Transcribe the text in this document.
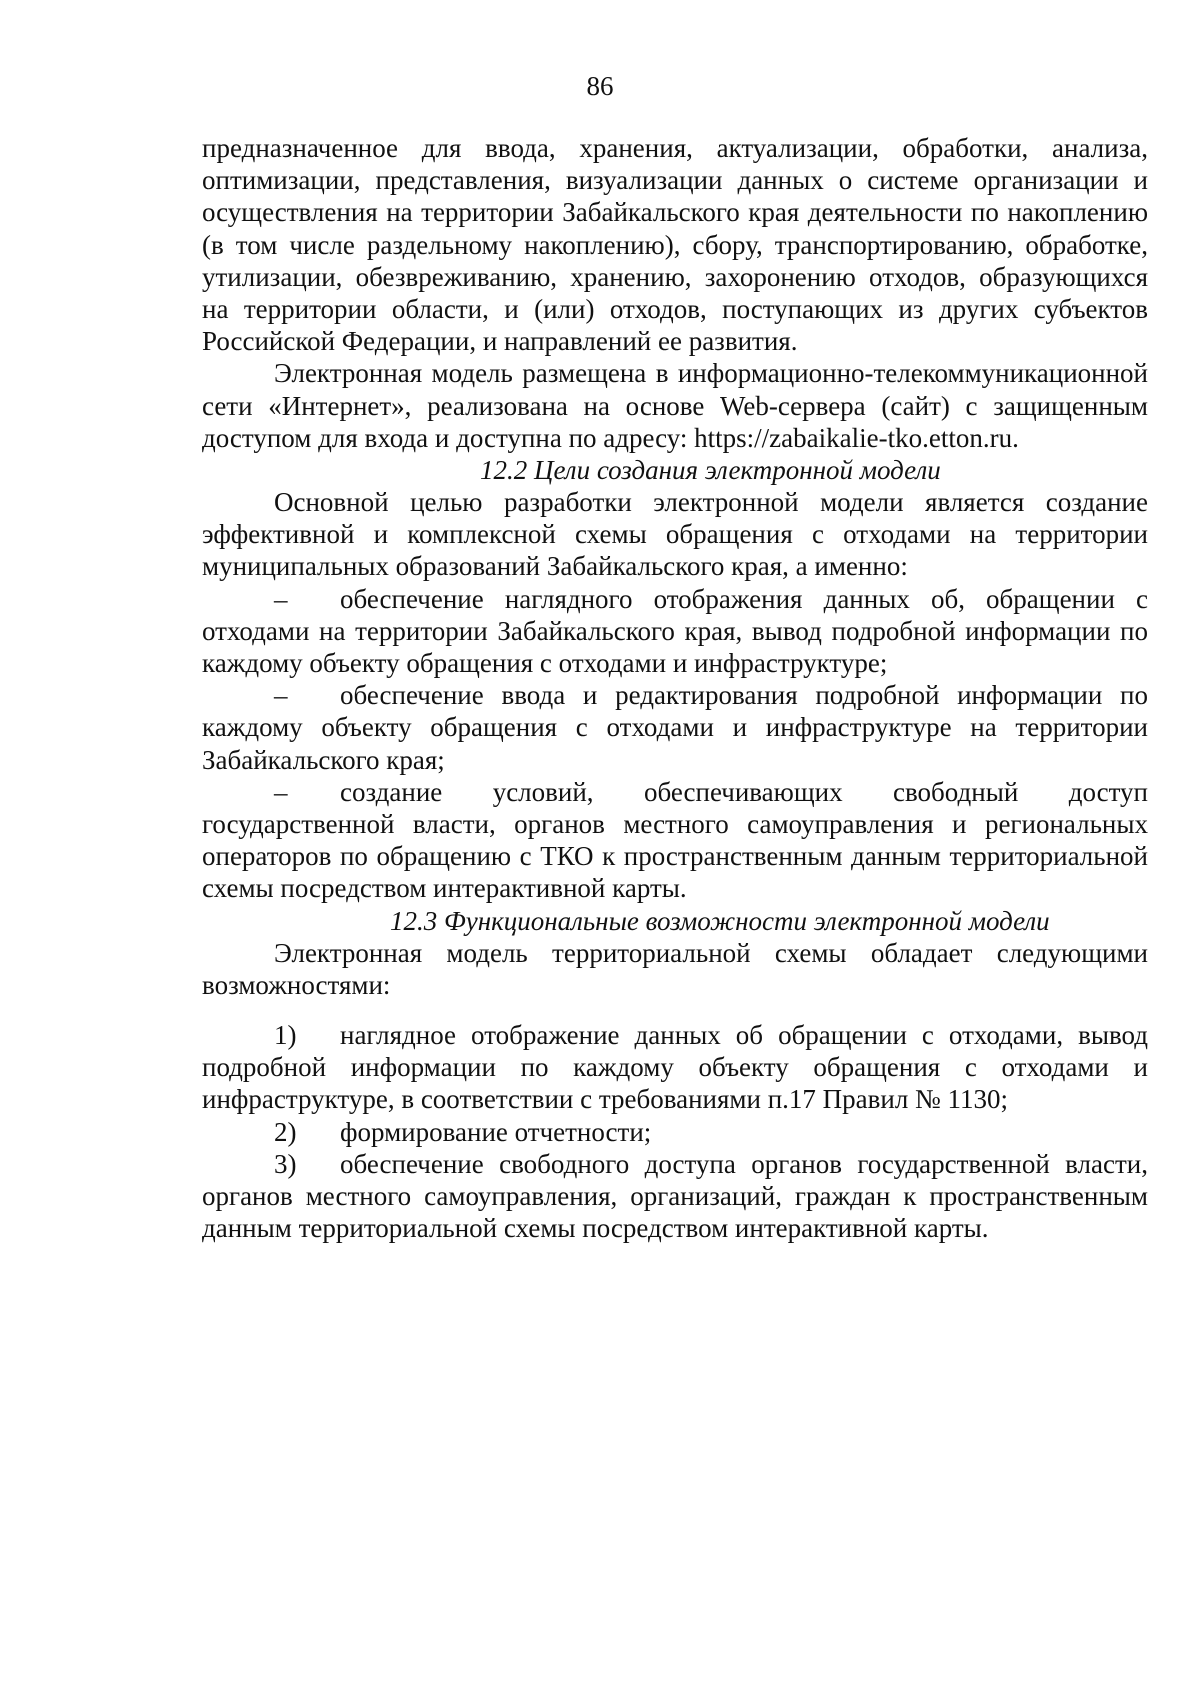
86

предназначенное для ввода, хранения, актуализации, обработки, анализа, оптимизации, представления, визуализации данных о системе организации и осуществления на территории Забайкальского края деятельности по накоплению (в том числе раздельному накоплению), сбору, транспортированию, обработке, утилизации, обезвреживанию, хранению, захоронению отходов, образующихся на территории области, и (или) отходов, поступающих из других субъектов Российской Федерации, и направлений ее развития.

Электронная модель размещена в информационно-телекоммуникационной сети «Интернет», реализована на основе Web-сервера (сайт) с защищенным доступом для входа и доступна по адресу: https://zabaikalie-tko.etton.ru.

12.2 Цели создания электронной модели

Основной целью разработки электронной модели является создание эффективной и комплексной схемы обращения с отходами на территории муниципальных образований Забайкальского края, а именно:

– обеспечение наглядного отображения данных об, обращении с отходами на территории Забайкальского края, вывод подробной информации по каждому объекту обращения с отходами и инфраструктуре;

– обеспечение ввода и редактирования подробной информации по каждому объекту обращения с отходами и инфраструктуре на территории Забайкальского края;

– создание условий, обеспечивающих свободный доступ государственной власти, органов местного самоуправления и региональных операторов по обращению с ТКО к пространственным данным территориальной схемы посредством интерактивной карты.

12.3 Функциональные возможности электронной модели

Электронная модель территориальной схемы обладает следующими возможностями:

1) наглядное отображение данных об обращении с отходами, вывод подробной информации по каждому объекту обращения с отходами и инфраструктуре, в соответствии с требованиями п.17 Правил № 1130;

2) формирование отчетности;

3) обеспечение свободного доступа органов государственной власти, органов местного самоуправления, организаций, граждан к пространственным данным территориальной схемы посредством интерактивной карты.
